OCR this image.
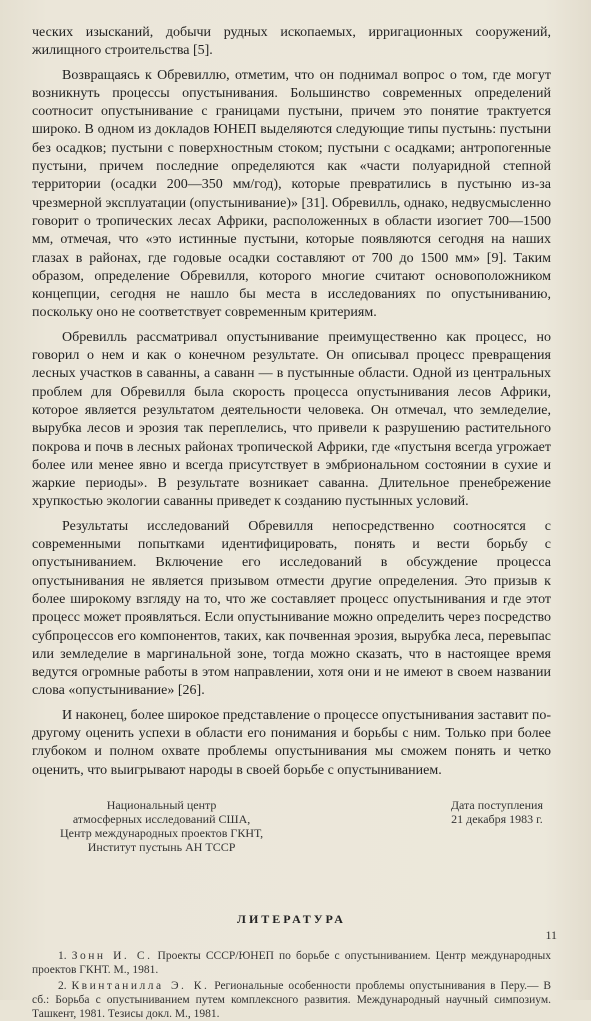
ческих изысканий, добычи рудных ископаемых, ирригационных сооружений, жилищного строительства [5].

Возвращаясь к Обревиллю, отметим, что он поднимал вопрос о том, где могут возникнуть процессы опустынивания. Большинство современных определений соотносит опустынивание с границами пустыни, причем это понятие трактуется широко. В одном из докладов ЮНЕП выделяются следующие типы пустынь: пустыни без осадков; пустыни с поверхностным стоком; пустыни с осадками; антропогенные пустыни, причем последние определяются как «части полуаридной степной территории (осадки 200—350 мм/год), которые превратились в пустыню из-за чрезмерной эксплуатации (опустынивание)» [31]. Обревилль, однако, недвусмысленно говорит о тропических лесах Африки, расположенных в области изогиет 700—1500 мм, отмечая, что «это истинные пустыни, которые появляются сегодня на наших глазах в районах, где годовые осадки составляют от 700 до 1500 мм» [9]. Таким образом, определение Обревилля, которого многие считают основоположником концепции, сегодня не нашло бы места в исследованиях по опустыниванию, поскольку оно не соответствует современным критериям.

Обревилль рассматривал опустынивание преимущественно как процесс, но говорил о нем и как о конечном результате. Он описывал процесс превращения лесных участков в саванны, а саванн — в пустынные области. Одной из центральных проблем для Обревилля была скорость процесса опустынивания лесов Африки, которое является результатом деятельности человека. Он отмечал, что земледелие, вырубка лесов и эрозия так переплелись, что привели к разрушению растительного покрова и почв в лесных районах тропической Африки, где «пустыня всегда угрожает более или менее явно и всегда присутствует в эмбриональном состоянии в сухие и жаркие периоды». В результате возникает саванна. Длительное пренебрежение хрупкостью экологии саванны приведет к созданию пустынных условий.

Результаты исследований Обревилля непосредственно соотносятся с современными попытками идентифицировать, понять и вести борьбу с опустыниванием. Включение его исследований в обсуждение процесса опустынивания не является призывом отмести другие определения. Это призыв к более широкому взгляду на то, что же составляет процесс опустынивания и где этот процесс может проявляться. Если опустынивание можно определить через посредство субпроцессов его компонентов, таких, как почвенная эрозия, вырубка леса, перевыпас или земледелие в маргинальной зоне, тогда можно сказать, что в настоящее время ведутся огромные работы в этом направлении, хотя они и не имеют в своем названии слова «опустынивание» [26].

И наконец, более широкое представление о процессе опустынивания заставит по-другому оценить успехи в области его понимания и борьбы с ним. Только при более глубоком и полном охвате проблемы опустынивания мы сможем понять и четко оценить, что выигрывают народы в своей борьбе с опустыниванием.

Национальный центр
атмосферных исследований США,
Центр международных проектов ГКНТ,
Институт пустынь АН ТССР
Дата поступления
21 декабря 1983 г.
ЛИТЕРАТУРА
1. Зонн И. С. Проекты СССР/ЮНЕП по борьбе с опустыниванием. Центр международных проектов ГКНТ. М., 1981.
2. Квинтанилла Э. К. Региональные особенности проблемы опустынивания в Перу.— В сб.: Борьба с опустыниванием путем комплексного развития. Международный научный симпозиум. Ташкент, 1981. Тезисы докл. М., 1981.
11
